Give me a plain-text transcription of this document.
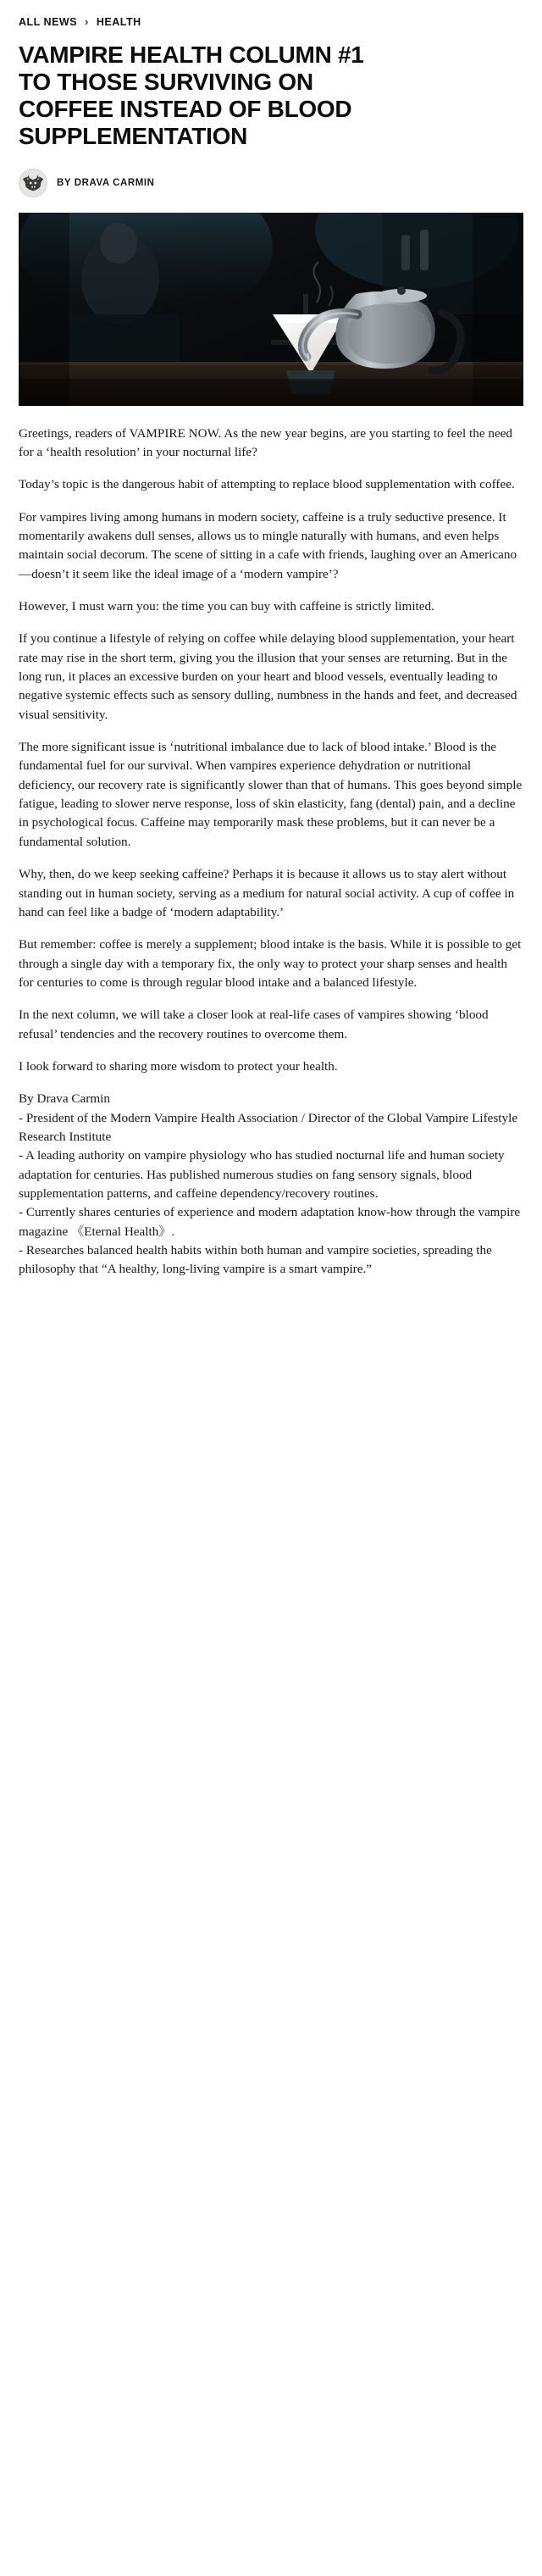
ALL NEWS › HEALTH
VAMPIRE HEALTH COLUMN #1 TO THOSE SURVIVING ON COFFEE INSTEAD OF BLOOD SUPPLEMENTATION
BY DRAVA CARMIN

Greetings, readers of VAMPIRE NOW. As the new year begins, are you starting to feel the need for a ‘health resolution’ in your nocturnal life?

Today’s topic is the dangerous habit of attempting to replace blood supplementation with coffee.

For vampires living among humans in modern society, caffeine is a truly seductive presence. It momentarily awakens dull senses, allows us to mingle naturally with humans, and even helps maintain social decorum. The scene of sitting in a cafe with friends, laughing over an Americano—doesn’t it seem like the ideal image of a ‘modern vampire’?

However, I must warn you: the time you can buy with caffeine is strictly limited.

If you continue a lifestyle of relying on coffee while delaying blood supplementation, your heart rate may rise in the short term, giving you the illusion that your senses are returning. But in the long run, it places an excessive burden on your heart and blood vessels, eventually leading to negative systemic effects such as sensory dulling, numbness in the hands and feet, and decreased visual sensitivity.

The more significant issue is ‘nutritional imbalance due to lack of blood intake.’ Blood is the fundamental fuel for our survival. When vampires experience dehydration or nutritional deficiency, our recovery rate is significantly slower than that of humans. This goes beyond simple fatigue, leading to slower nerve response, loss of skin elasticity, fang (dental) pain, and a decline in psychological focus. Caffeine may temporarily mask these problems, but it can never be a fundamental solution.

Why, then, do we keep seeking caffeine? Perhaps it is because it allows us to stay alert without standing out in human society, serving as a medium for natural social activity. A cup of coffee in hand can feel like a badge of ‘modern adaptability.’

But remember: coffee is merely a supplement; blood intake is the basis. While it is possible to get through a single day with a temporary fix, the only way to protect your sharp senses and health for centuries to come is through regular blood intake and a balanced lifestyle.

In the next column, we will take a closer look at real-life cases of vampires showing ‘blood refusal’ tendencies and the recovery routines to overcome them.

I look forward to sharing more wisdom to protect your health.

By Drava Carmin
- President of the Modern Vampire Health Association / Director of the Global Vampire Lifestyle Research Institute
- A leading authority on vampire physiology who has studied nocturnal life and human society adaptation for centuries. Has published numerous studies on fang sensory signals, blood supplementation patterns, and caffeine dependency/recovery routines.
- Currently shares centuries of experience and modern adaptation know-how through the vampire magazine 《Eternal Health》.
- Researches balanced health habits within both human and vampire societies, spreading the philosophy that “A healthy, long-living vampire is a smart vampire.”
